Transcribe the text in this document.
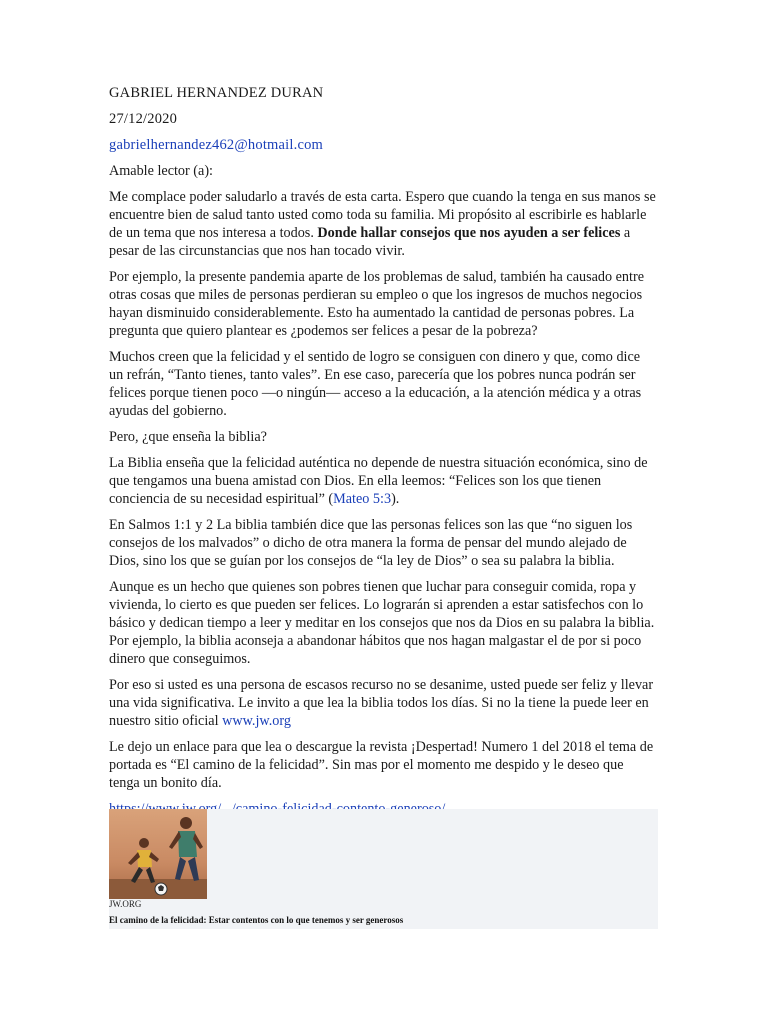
GABRIEL HERNANDEZ DURAN

27/12/2020

gabrielhernandez462@hotmail.com

Amable lector (a):

Me complace poder saludarlo a través de esta carta. Espero que cuando la tenga en sus manos se encuentre bien de salud tanto usted como toda su familia. Mi propósito al escribirle es hablarle de un tema que nos interesa a todos. Donde hallar consejos que nos ayuden a ser felices a pesar de las circunstancias que nos han tocado vivir.

Por ejemplo, la presente pandemia aparte de los problemas de salud, también ha causado entre otras cosas que miles de personas perdieran su empleo o que los ingresos de muchos negocios hayan disminuido considerablemente. Esto ha aumentado la cantidad de personas pobres. La pregunta que quiero plantear es ¿podemos ser felices a pesar de la pobreza?

Muchos creen que la felicidad y el sentido de logro se consiguen con dinero y que, como dice un refrán, “Tanto tienes, tanto vales”. En ese caso, parecería que los pobres nunca podrán ser felices porque tienen poco —o ningún— acceso a la educación, a la atención médica y a otras ayudas del gobierno.

Pero, ¿que enseña la biblia?

La Biblia enseña que la felicidad auténtica no depende de nuestra situación económica, sino de que tengamos una buena amistad con Dios. En ella leemos: “Felices son los que tienen conciencia de su necesidad espiritual” (Mateo 5:3).

En Salmos 1:1 y 2 La biblia también dice que las personas felices son las que “no siguen los consejos de los malvados” o dicho de otra manera la forma de pensar del mundo alejado de Dios, sino los que se guían por los consejos de “la ley de Dios” o sea su palabra la biblia.

Aunque es un hecho que quienes son pobres tienen que luchar para conseguir comida, ropa y vivienda, lo cierto es que pueden ser felices. Lo lograrán si aprenden a estar satisfechos con lo básico y dedican tiempo a leer y meditar en los consejos que nos da Dios en su palabra la biblia. Por ejemplo, la biblia aconseja a abandonar hábitos que nos hagan malgastar el de por si poco dinero que conseguimos.

Por eso si usted es una persona de escasos recurso no se desanime, usted puede ser feliz y llevar una vida significativa. Le invito a que lea la biblia todos los días. Si no la tiene la puede leer en nuestro sitio oficial www.jw.org

Le dejo un enlace para que lea o descargue la revista ¡Despertad! Numero 1 del 2018 el tema de portada es “El camino de la felicidad”. Sin mas por el momento me despido y le deseo que tenga un bonito día.

JW.ORG
El camino de la felicidad: Estar contentos con lo que tenemos y ser generosos
